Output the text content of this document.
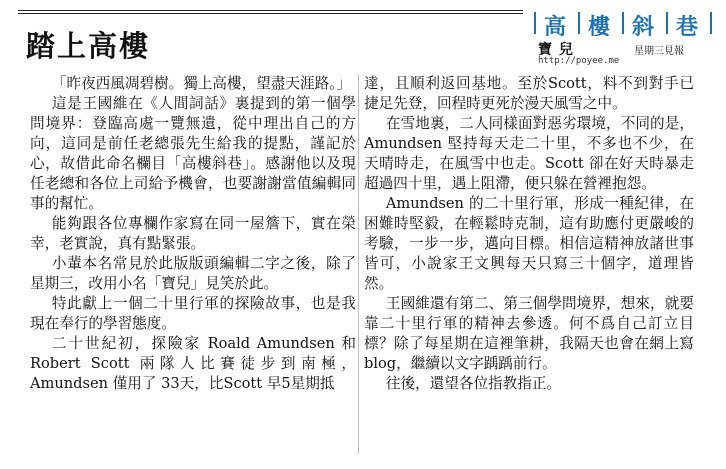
踏上高樓
高 樓 斜 巷
寶 兒	星期三見報
http://poyee.me

「昨夜西風凋碧樹。獨上高樓，望盡天涯路。」

這是王國維在《人間詞話》裏提到的第一個學問境界：登臨高處一覽無遺，從中理出自己的方向，這同是前任老總張先生給我的提點，謹記於心，故借此命名欄目「高樓斜巷」。感謝他以及現任老總和各位上司給予機會，也要謝謝當值編輯同事的幫忙。

能夠跟各位專欄作家寫在同一屋簷下，實在榮幸，老實說，真有點緊張。

小輩本名常見於此版版頭編輯二字之後，除了星期三，改用小名「寶兒」見笑於此。

特此獻上一個二十里行軍的探險故事，也是我現在奉行的學習態度。

二十世紀初，探險家 Roald Amundsen 和 Robert Scott 兩隊人比賽徒步到南極，Amundsen 僅用了 33天，比Scott 早5星期抵

達，且順利返回基地。至於Scott，料不到對手已捷足先登，回程時更死於漫天風雪之中。

在雪地裏，二人同樣面對惡劣環境，不同的是，Amundsen 堅持每天走二十里，不多也不少，在天晴時走，在風雪中也走。Scott 卻在好天時暴走超過四十里，遇上阻滯，便只躲在營裡抱怨。

Amundsen 的二十里行軍，形成一種紀律，在困難時堅毅，在輕鬆時克制，這有助應付更嚴峻的考驗，一步一步，邁向目標。相信這精神放諸世事皆可，小說家王文興每天只寫三十個字，道理皆然。

王國維還有第二、第三個學問境界，想來，就要靠二十里行軍的精神去參透。何不爲自己訂立目標？除了每星期在這裡筆耕，我隔天也會在網上寫 blog，繼續以文字踽踽前行。

往後，還望各位指教指正。
